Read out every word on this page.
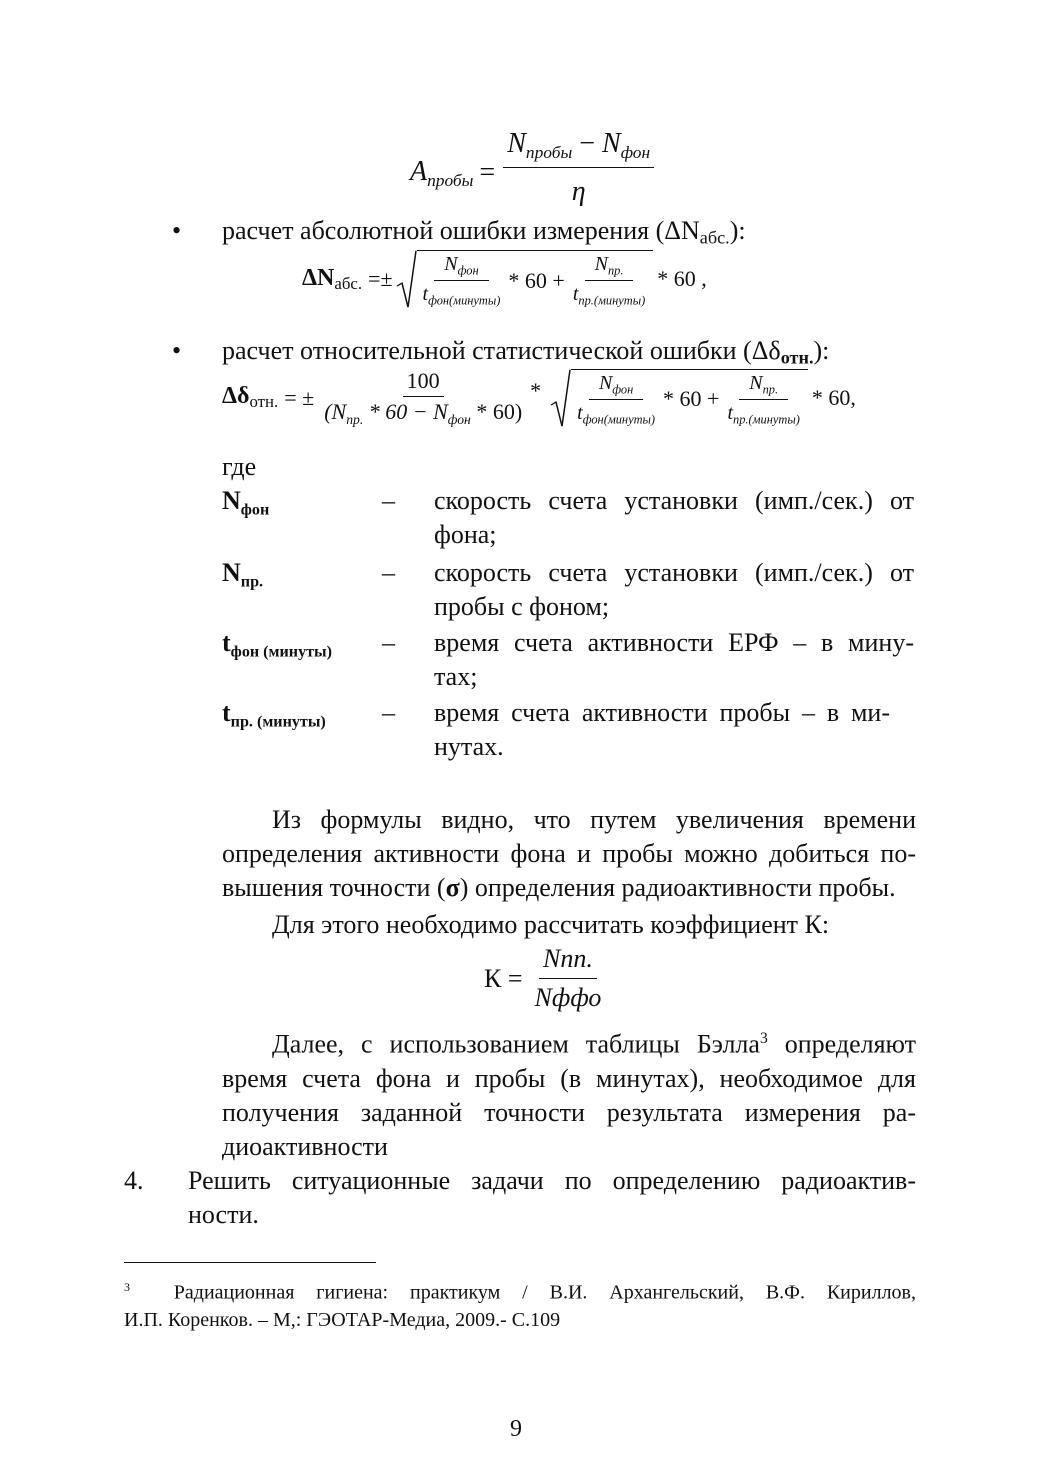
$A_{пробы} = \frac{N_{пробы} - N_{фон}}{\eta}$
• расчет абсолютной ошибки измерения $(\Delta N_{абс.})$:
ΔNабс. =± $\frac{N_{фон}}{t_{фон(минуты)}} * 60 + \frac{N_{пр.}}{t_{пр.(минуты)}} * 60$ ,
• расчет относительной статистической ошибки (Δδотн.):
Δδотн. = ± $\frac{100}{(N_{пр.} * 60 - N_{фон} * 60)} * \frac{N_{фон}}{t_{фон(минуты)}} * 60 + \frac{N_{пр.}}{t_{пр.(минуты)}} * 60$,
где
$N_{фон}$	– скорость счета установки (имп./сек.) от
фона;
$N_{пр.}$	– скорость счета установки (имп./сек.) от
пробы с фоном;
$t_{фон (минуты)}$ – время счета активности ЕРФ – в мину-
тах;
$t_{пр. (минуты)}$ – время счета активности пробы – в ми-
нутах.
Из формулы видно, что путем увеличения времени
определения активности фона и пробы можно добиться по-
вышения точности (σ) определения радиоактивности пробы.
Для этого необходимо рассчитать коэффициент К:
$К = \frac{\text{Nпп.}}{\text{Nффо}}$
Далее, с использованием таблицы Бэлла$^3$ определяют
время счета фона и пробы (в минутах), необходимое для
получения заданной точности результата измерения ра-
диоактивности
4. Решить ситуационные задачи по определению радиоактив-
ности.
$^3$ Радиационная гигиена: практикум / В.И. Архангельский, В.Ф. Кириллов,
И.П. Коренков. – М,: ГЭОТАР-Медиа, 2009.- С.109
9
